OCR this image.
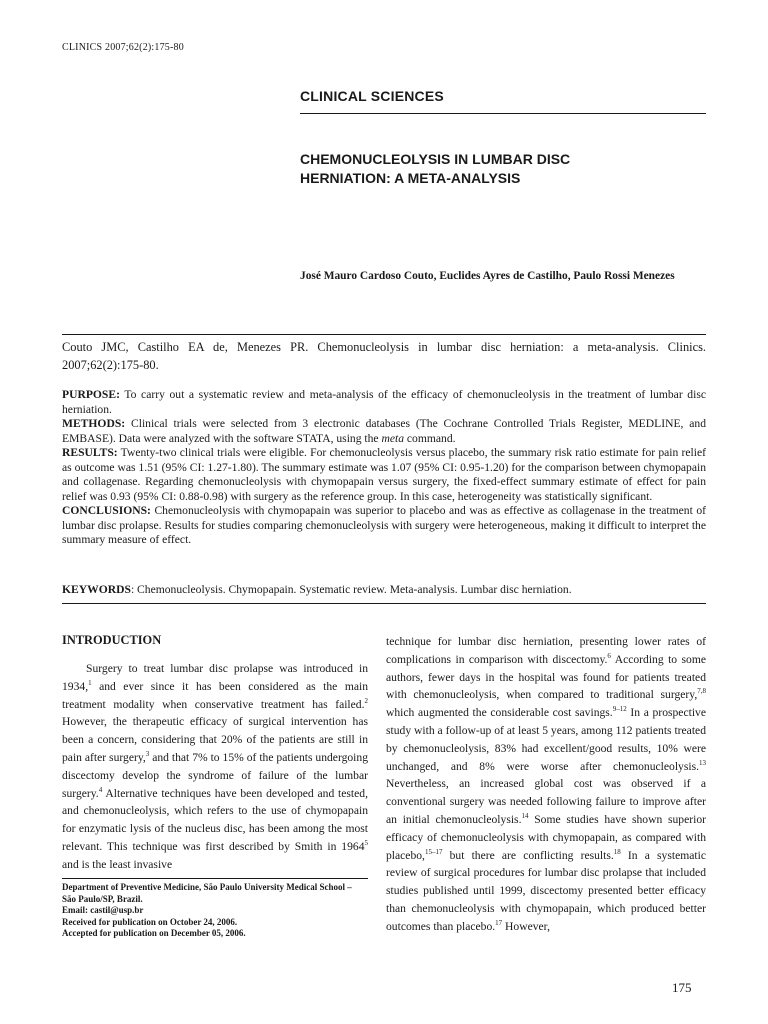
CLINICS 2007;62(2):175-80
CLINICAL SCIENCES
CHEMONUCLEOLYSIS IN LUMBAR DISC
HERNIATION: A META-ANALYSIS
José Mauro Cardoso Couto, Euclides Ayres de Castilho, Paulo Rossi Menezes
Couto JMC, Castilho EA de, Menezes PR. Chemonucleolysis in lumbar disc herniation: a meta-analysis. Clinics. 2007;62(2):175-80.

PURPOSE: To carry out a systematic review and meta-analysis of the efficacy of chemonucleolysis in the treatment of lumbar disc herniation.

METHODS: Clinical trials were selected from 3 electronic databases (The Cochrane Controlled Trials Register, MEDLINE, and EMBASE). Data were analyzed with the software STATA, using the meta command.

RESULTS: Twenty-two clinical trials were eligible. For chemonucleolysis versus placebo, the summary risk ratio estimate for pain relief as outcome was 1.51 (95% CI: 1.27-1.80). The summary estimate was 1.07 (95% CI: 0.95-1.20) for the comparison between chymopapain and collagenase. Regarding chemonucleolysis with chymopapain versus surgery, the fixed-effect summary estimate of effect for pain relief was 0.93 (95% CI: 0.88-0.98) with surgery as the reference group. In this case, heterogeneity was statistically significant.

CONCLUSIONS: Chemonucleolysis with chymopapain was superior to placebo and was as effective as collagenase in the treatment of lumbar disc prolapse. Results for studies comparing chemonucleolysis with surgery were heterogeneous, making it difficult to interpret the summary measure of effect.

KEYWORDS: Chemonucleolysis. Chymopapain. Systematic review. Meta-analysis. Lumbar disc herniation.
INTRODUCTION

Surgery to treat lumbar disc prolapse was introduced in 1934,$^1$ and ever since it has been considered as the main treatment modality when conservative treatment has failed.$^2$ However, the therapeutic efficacy of surgical intervention has been a concern, considering that 20% of the patients are still in pain after surgery,$^3$ and that 7% to 15% of the patients undergoing discectomy develop the syndrome of failure of the lumbar surgery.$^4$ Alternative techniques have been developed and tested, and chemonucleolysis, which refers to the use of chymopapain for enzymatic lysis of the nucleus disc, has been among the most relevant. This technique was first described by Smith in 1964$^5$ and is the least invasive

technique for lumbar disc herniation, presenting lower rates of complications in comparison with discectomy.$^6$ According to some authors, fewer days in the hospital was found for patients treated with chemonucleolysis, when compared to traditional surgery,$^{7,8}$ which augmented the considerable cost savings.$^{9-12}$ In a prospective study with a follow-up of at least 5 years, among 112 patients treated by chemonucleolysis, 83% had excellent/good results, 10% were unchanged, and 8% were worse after chemonucleolysis.$^{13}$ Nevertheless, an increased global cost was observed if a conventional surgery was needed following failure to improve after an initial chemonucleolysis.$^{14}$ Some studies have shown superior efficacy of chemonucleolysis with chymopapain, as compared with placebo,$^{15-17}$ but there are conflicting results.$^{18}$ In a systematic review of surgical procedures for lumbar disc prolapse that included studies published until 1999, discectomy presented better efficacy than chemonucleolysis with chymopapain, which produced better outcomes than placebo.$^{17}$ However,

Department of Preventive Medicine, São Paulo University Medical School –
São Paulo/SP, Brazil.
Email: castil@usp.br
Received for publication on October 24, 2006.
Accepted for publication on December 05, 2006.
175
